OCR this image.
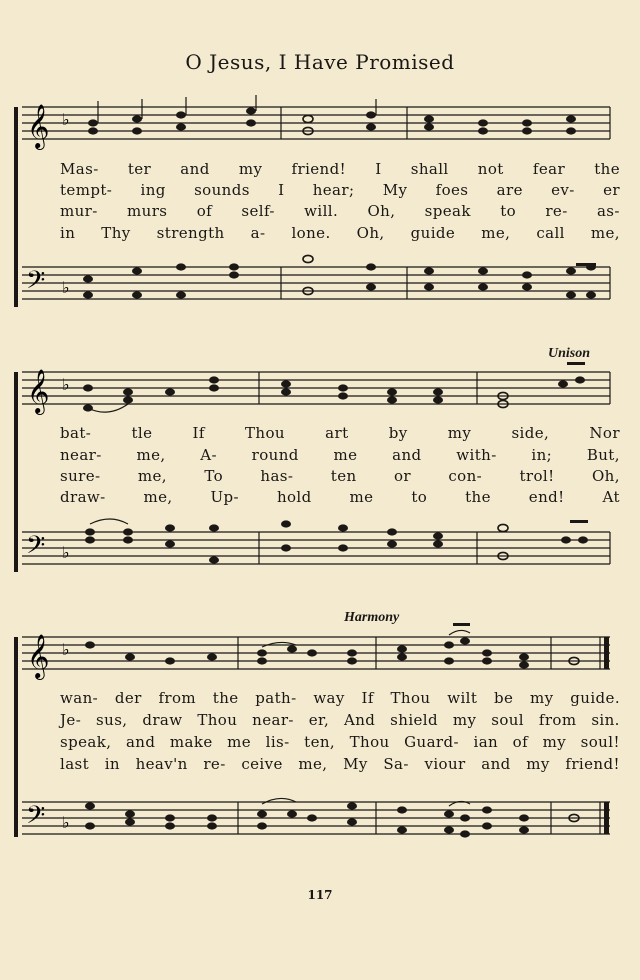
O Jesus, I Have Promised
𝄞 ♭
Mas- ter and my friend! I shall not fear the
tempt- ing sounds I hear; My foes are ev- er
mur- murs of self- will. Oh, speak to re- as-
in Thy strength a- lone. Oh, guide me, call me,
𝄢 ♭
Unison
𝄞 ♭
bat-	tle	If	Thou	art	by	my	side,	Nor
near- me, A- round me and with- in; But,
sure- me, To has- ten or con- trol! Oh,
draw-	me,	Up-	hold	me	to	the	end!	At
𝄢 ♭
Harmony
𝄞 ♭
wan- der from the path- way If Thou wilt be my guide.
Je- sus, draw Thou near- er, And shield my soul from sin.
speak, and make me lis- ten, Thou Guard- ian of my soul!
last in heav'n re- ceive me, My Sa- viour and my friend!
𝄢 ♭
117
